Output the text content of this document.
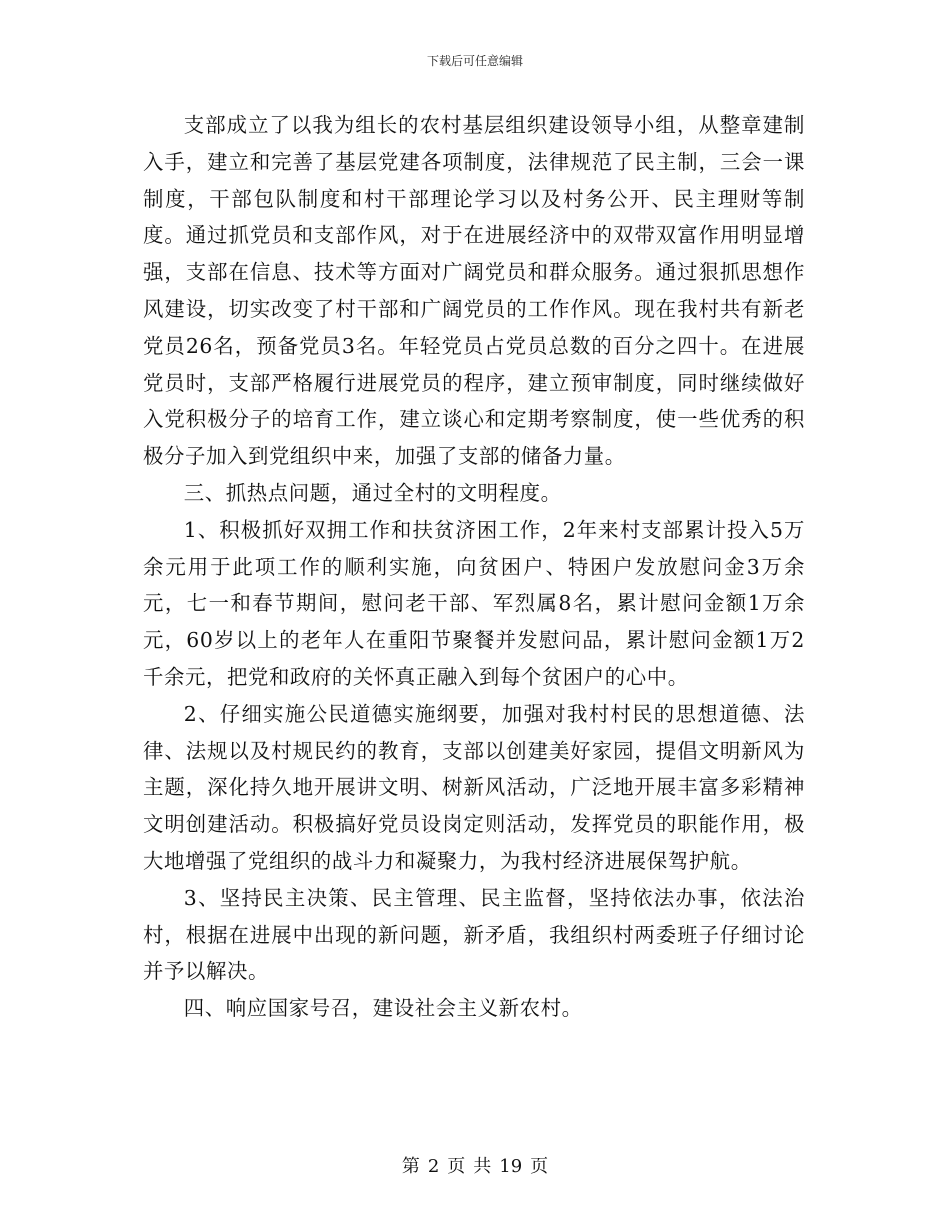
下载后可任意编辑

支部成立了以我为组长的农村基层组织建设领导小组，从整章建制入手，建立和完善了基层党建各项制度，法律规范了民主制，三会一课制度，干部包队制度和村干部理论学习以及村务公开、民主理财等制度。通过抓党员和支部作风，对于在进展经济中的双带双富作用明显增强，支部在信息、技术等方面对广阔党员和群众服务。通过狠抓思想作风建设，切实改变了村干部和广阔党员的工作作风。现在我村共有新老党员26名，预备党员3名。年轻党员占党员总数的百分之四十。在进展党员时，支部严格履行进展党员的程序，建立预审制度，同时继续做好入党积极分子的培育工作，建立谈心和定期考察制度，使一些优秀的积极分子加入到党组织中来，加强了支部的储备力量。

三、抓热点问题，通过全村的文明程度。

1、积极抓好双拥工作和扶贫济困工作，2年来村支部累计投入5万余元用于此项工作的顺利实施，向贫困户、特困户发放慰问金3万余元，七一和春节期间，慰问老干部、军烈属8名，累计慰问金额1万余元，60岁以上的老年人在重阳节聚餐并发慰问品，累计慰问金额1万2千余元，把党和政府的关怀真正融入到每个贫困户的心中。

2、仔细实施公民道德实施纲要，加强对我村村民的思想道德、法律、法规以及村规民约的教育，支部以创建美好家园，提倡文明新风为主题，深化持久地开展讲文明、树新风活动，广泛地开展丰富多彩精神文明创建活动。积极搞好党员设岗定则活动，发挥党员的职能作用，极大地增强了党组织的战斗力和凝聚力，为我村经济进展保驾护航。

3、坚持民主决策、民主管理、民主监督，坚持依法办事，依法治村，根据在进展中出现的新问题，新矛盾，我组织村两委班子仔细讨论并予以解决。

四、响应国家号召，建设社会主义新农村。

第 2 页 共 19 页
